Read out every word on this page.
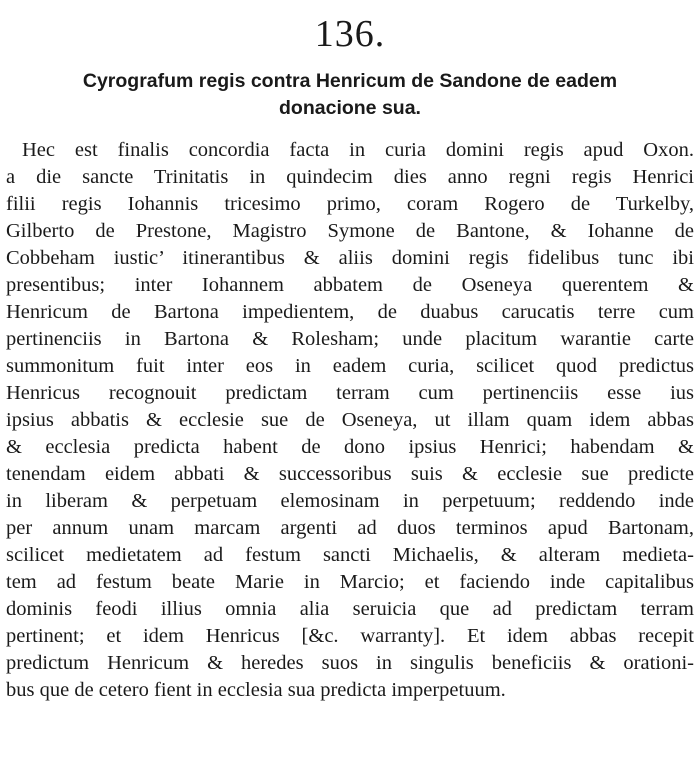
136.
Cyrografum regis contra Henricum de Sandone de eadem
donacione sua.
Hec est finalis concordia facta in curia domini regis apud Oxon.
a die sancte Trinitatis in quindecim dies anno regni regis Henrici
filii regis Iohannis tricesimo primo, coram Rogero de Turkelby,
Gilberto de Prestone, Magistro Symone de Bantone, & Iohanne de
Cobbeham iustic’ itinerantibus & aliis domini regis fidelibus tunc ibi
presentibus; inter Iohannem abbatem de Oseneya querentem &
Henricum de Bartona impedientem, de duabus carucatis terre cum
pertinenciis in Bartona & Rolesham; unde placitum warantie carte
summonitum fuit inter eos in eadem curia, scilicet quod predictus
Henricus recognouit predictam terram cum pertinenciis esse ius
ipsius abbatis & ecclesie sue de Oseneya, ut illam quam idem abbas
& ecclesia predicta habent de dono ipsius Henrici; habendam &
tenendam eidem abbati & successoribus suis & ecclesie sue predicte
in liberam & perpetuam elemosinam in perpetuum; reddendo inde
per annum unam marcam argenti ad duos terminos apud Bartonam,
scilicet medietatem ad festum sancti Michaelis, & alteram medieta-
tem ad festum beate Marie in Marcio; et faciendo inde capitalibus
dominis feodi illius omnia alia seruicia que ad predictam terram
pertinent; et idem Henricus [&c. warranty]. Et idem abbas recepit
predictum Henricum & heredes suos in singulis beneficiis & orationi-
bus que de cetero fient in ecclesia sua predicta imperpetuum.
